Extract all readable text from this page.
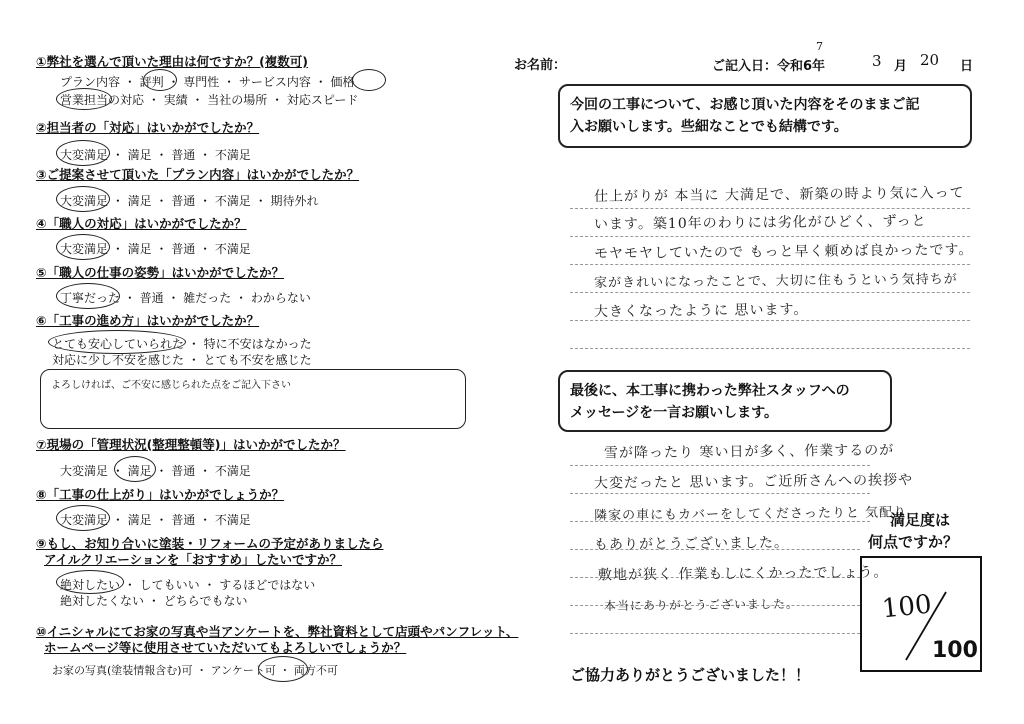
①弊社を選んで頂いた理由は何ですか？(複数可)
プラン内容 ・ 評判 ・ 専門性 ・ サービス内容 ・ 価格
営業担当の対応 ・ 実績 ・ 当社の場所 ・ 対応スピード
②担当者の「対応」はいかがでしたか？
大変満足 ・ 満足 ・ 普通 ・ 不満足
③ご提案させて頂いた「プラン内容」はいかがでしたか？
大変満足 ・ 満足 ・ 普通 ・ 不満足 ・ 期待外れ
④「職人の対応」はいかがでしたか？
大変満足 ・ 満足 ・ 普通 ・ 不満足
⑤「職人の仕事の姿勢」はいかがでしたか？
丁寧だった ・ 普通 ・ 雑だった ・ わからない
⑥「工事の進め方」はいかがでしたか？
とても安心していられた ・ 特に不安はなかった
対応に少し不安を感じた ・ とても不安を感じた
よろしければ、ご不安に感じられた点をご記入下さい
⑦現場の「管理状況(整理整頓等)」はいかがでしたか？
大変満足 ・ 満足 ・ 普通 ・ 不満足
⑧「工事の仕上がり」はいかがでしょうか？
大変満足 ・ 満足 ・ 普通 ・ 不満足
⑨もし、お知り合いに塗装・リフォームの予定がありましたら
アイルクリエーションを「おすすめ」したいですか？
絶対したい ・ してもいい ・ するほどではない
絶対したくない ・ どちらでもない
⑩イニシャルにてお家の写真や当アンケートを、弊社資料として店頭やパンフレット、
ホームページ等に使用させていただいてもよろしいでしょうか？
お家の写真(塗装情報含む)可 ・ アンケート可 ・ 両方不可
お名前：	ご記入日：令和6年
7
3 月 20 日
今回の工事について、お感じ頂いた内容をそのままご記
入お願いします。些細なことでも結構です。
仕上がりが 本当に 大満足で、新築の時より気に入って
います。築10年のわりには劣化がひどく、ずっと
モヤモヤしていたので もっと早く頼めば良かったです。
家がきれいになったことで、大切に住もうという気持ちが
大きくなったように 思います。
最後に、本工事に携わった弊社スタッフへの
メッセージを一言お願いします。
雪が降ったり 寒い日が多く、作業するのが
大変だったと 思います。ご近所さんへの挨拶や
隣家の車にもカバーをしてくださったりと 気配り
もありがとうございました。
敷地が狭く 作業もしにくかったでしょう。
本当にありがとうございました。
満足度は
何点ですか？
100
100
ご協力ありがとうございました！！
